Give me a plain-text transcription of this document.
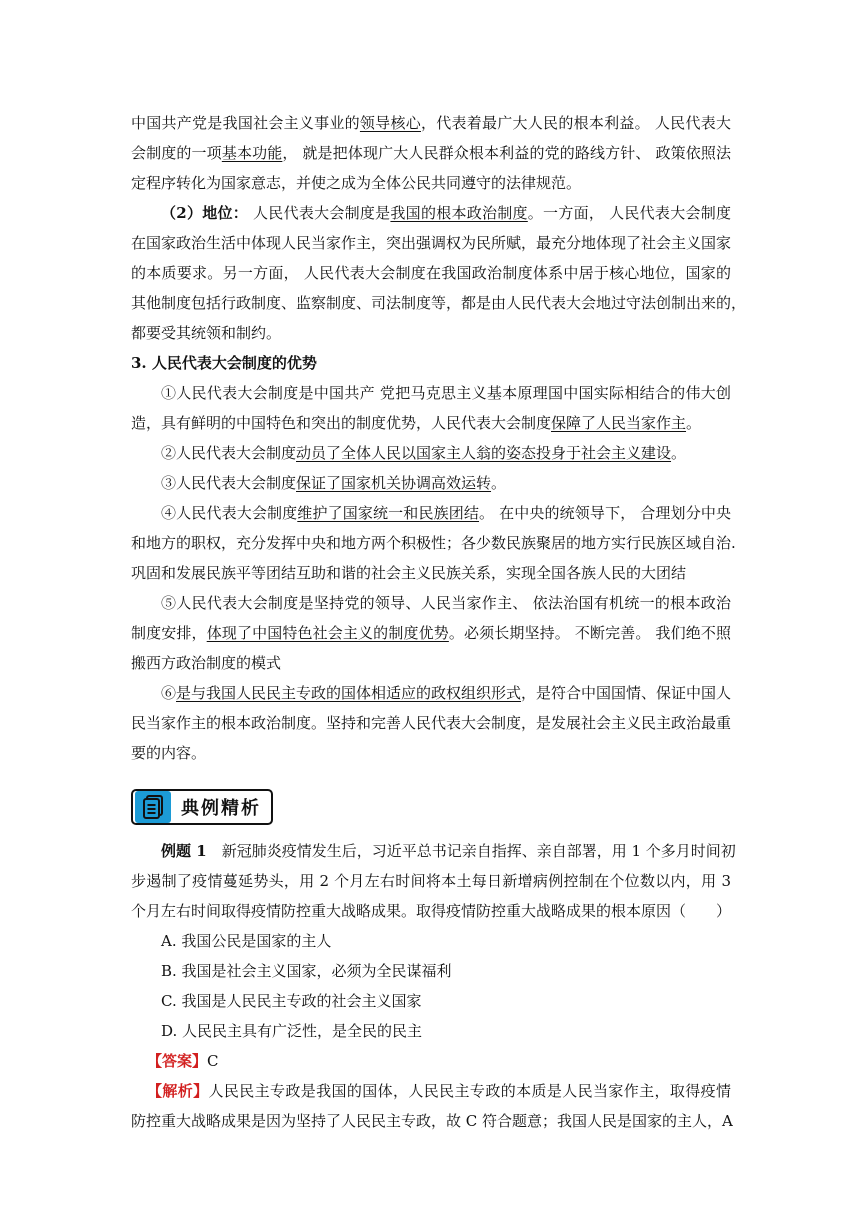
中国共产党是我国社会主义事业的领导核心，代表着最广大人民的根本利益。 人民代表大
会制度的一项基本功能， 就是把体现广大人民群众根本利益的党的路线方针、 政策依照法
定程序转化为国家意志，并使之成为全体公民共同遵守的法律规范。
（2）地位： 人民代表大会制度是我国的根本政治制度。一方面， 人民代表大会制度
在国家政治生活中体现人民当家作主，突出强调权为民所赋，最充分地体现了社会主义国家
的本质要求。另一方面， 人民代表大会制度在我国政治制度体系中居于核心地位，国家的
其他制度包括行政制度、监察制度、司法制度等，都是由人民代表大会地过守法创制出来的，
都要受其统领和制约。
3. 人民代表大会制度的优势
①人民代表大会制度是中国共产 党把马克思主义基本原理国中国实际相结合的伟大创
造，具有鲜明的中国特色和突出的制度优势，人民代表大会制度保障了人民当家作主。
②人民代表大会制度动员了全体人民以国家主人翁的姿态投身于社会主义建设。
③人民代表大会制度保证了国家机关协调高效运转。
④人民代表大会制度维护了国家统一和民族团结。 在中央的统领导下， 合理划分中央
和地方的职权，充分发挥中央和地方两个积极性；各少数民族聚居的地方实行民族区域自治.
巩固和发展民族平等团结互助和谐的社会主义民族关系，实现全国各族人民的大团结
⑤人民代表大会制度是坚持党的领导、人民当家作主、 依法治国有机统一的根本政治
制度安排，体现了中国特色社会主义的制度优势。必须长期坚持。 不断完善。 我们绝不照
搬西方政治制度的模式
⑥是与我国人民民主专政的国体相适应的政权组织形式，是符合中国国情、保证中国人
民当家作主的根本政治制度。坚持和完善人民代表大会制度，是发展社会主义民主政治最重
要的内容。
典例精析
例题 1　 新冠肺炎疫情发生后，习近平总书记亲自指挥、亲自部署，用 1 个多月时间初
步遏制了疫情蔓延势头，用 2 个月左右时间将本土每日新增病例控制在个位数以内，用 3
个月左右时间取得疫情防控重大战略成果。取得疫情防控重大战略成果的根本原因（　　）
A. 我国公民是国家的主人
B. 我国是社会主义国家，必须为全民谋福利
C. 我国是人民民主专政的社会主义国家
D. 人民民主具有广泛性，是全民的民主
【答案】C
【解析】人民民主专政是我国的国体，人民民主专政的本质是人民当家作主，取得疫情
防控重大战略成果是因为坚持了人民民主专政，故 C 符合题意；我国人民是国家的主人，A
